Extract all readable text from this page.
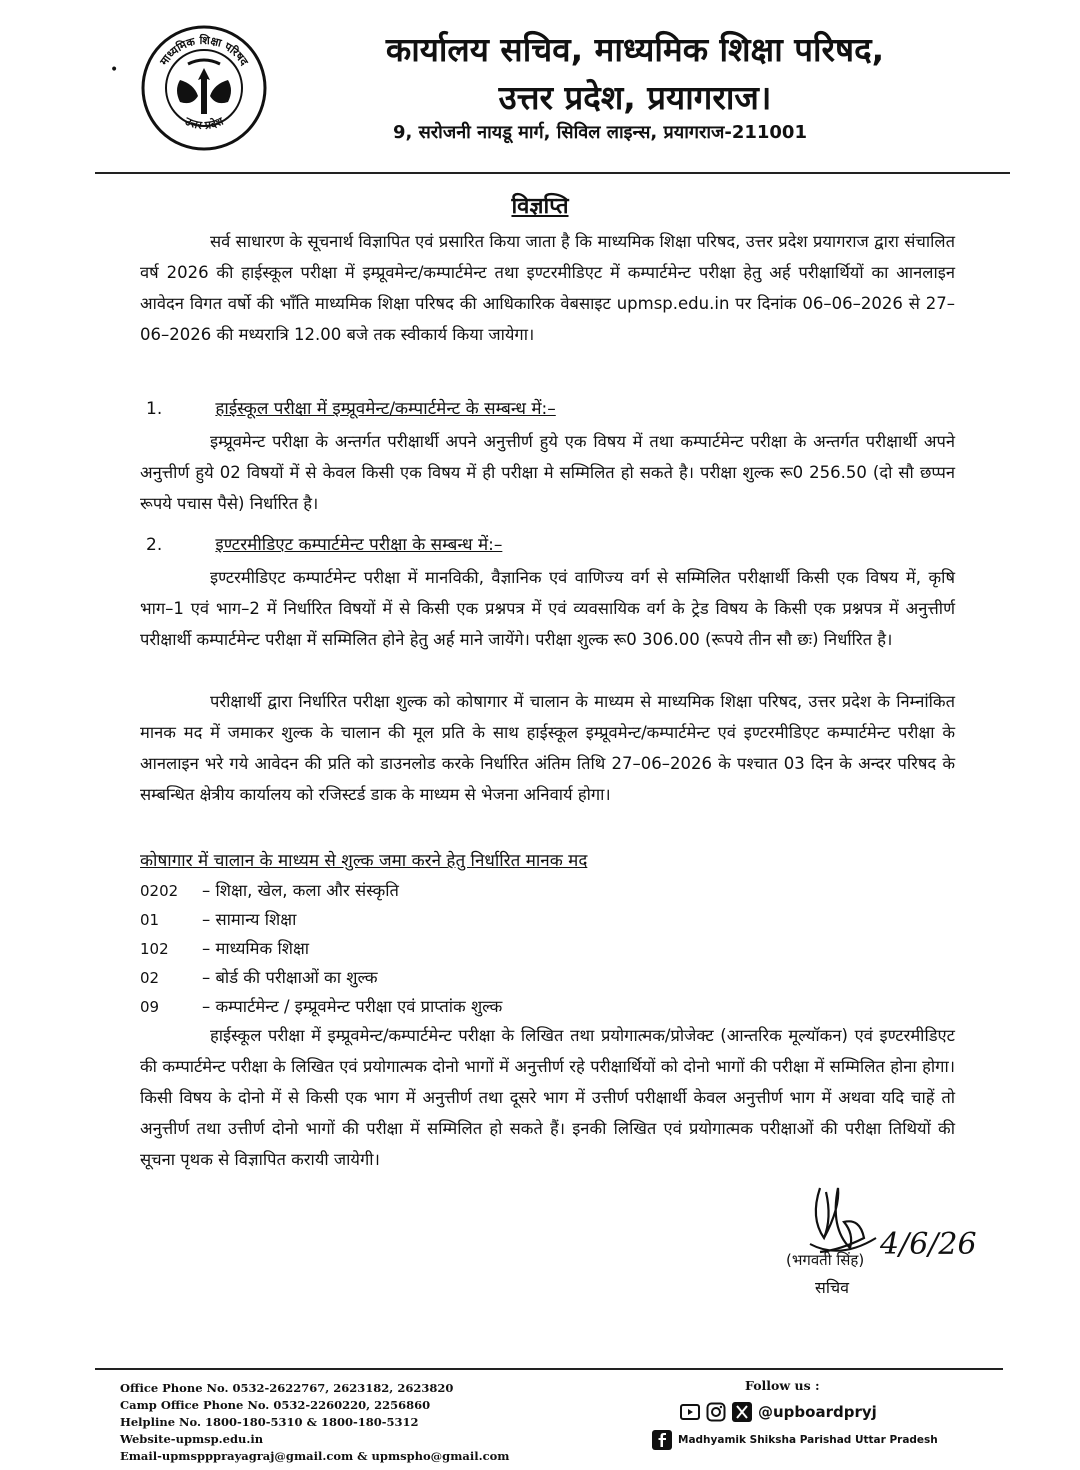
•
माध्यमिक शिक्षा परिषद
उत्तर प्रदेश
कार्यालय सचिव, माध्यमिक शिक्षा परिषद,
उत्तर प्रदेश, प्रयागराज।
9, सरोजनी नायडू मार्ग, सिविल लाइन्स, प्रयागराज-211001
विज्ञप्ति
सर्व साधारण के सूचनार्थ विज्ञापित एवं प्रसारित किया जाता है कि माध्यमिक शिक्षा परिषद, उत्तर प्रदेश प्रयागराज द्वारा संचालित वर्ष 2026 की हाईस्कूल परीक्षा में इम्प्रूवमेन्ट/कम्पार्टमेन्ट तथा इण्टरमीडिएट में कम्पार्टमेन्ट परीक्षा हेतु अर्ह परीक्षार्थियों का आनलाइन आवेदन विगत वर्षो की भाँति माध्यमिक शिक्षा परिषद की आधिकारिक वेबसाइट upmsp.edu.in पर दिनांक 06–06–2026 से 27–06–2026 की मध्यरात्रि 12.00 बजे तक स्वीकार्य किया जायेगा।
1.	हाईस्कूल परीक्षा में इम्प्रूवमेन्ट/कम्पार्टमेन्ट के सम्बन्ध में:–
इम्प्रूवमेन्ट परीक्षा के अन्तर्गत परीक्षार्थी अपने अनुत्तीर्ण हुये एक विषय में तथा कम्पार्टमेन्ट परीक्षा के अन्तर्गत परीक्षार्थी अपने अनुत्तीर्ण हुये 02 विषयों में से केवल किसी एक विषय में ही परीक्षा मे सम्मिलित हो सकते है। परीक्षा शुल्क रू0 256.50 (दो सौ छप्पन रूपये पचास पैसे) निर्धारित है।
2.	इण्टरमीडिएट कम्पार्टमेन्ट परीक्षा के सम्बन्ध में:–
इण्टरमीडिएट कम्पार्टमेन्ट परीक्षा में मानविकी, वैज्ञानिक एवं वाणिज्य वर्ग से सम्मिलित परीक्षार्थी किसी एक विषय में, कृषि भाग–1 एवं भाग–2 में निर्धारित विषयों में से किसी एक प्रश्नपत्र में एवं व्यवसायिक वर्ग के ट्रेड विषय के किसी एक प्रश्नपत्र में अनुत्तीर्ण परीक्षार्थी कम्पार्टमेन्ट परीक्षा में सम्मिलित होने हेतु अर्ह माने जायेंगे। परीक्षा शुल्क रू0 306.00 (रूपये तीन सौ छः) निर्धारित है।
परीक्षार्थी द्वारा निर्धारित परीक्षा शुल्क को कोषागार में चालान के माध्यम से माध्यमिक शिक्षा परिषद, उत्तर प्रदेश के निम्नांकित मानक मद में जमाकर शुल्क के चालान की मूल प्रति के साथ हाईस्कूल इम्प्रूवमेन्ट/कम्पार्टमेन्ट एवं इण्टरमीडिएट कम्पार्टमेन्ट परीक्षा के आनलाइन भरे गये आवेदन की प्रति को डाउनलोड करके निर्धारित अंतिम तिथि 27–06–2026 के पश्चात 03 दिन के अन्दर परिषद के सम्बन्धित क्षेत्रीय कार्यालय को रजिस्टर्ड डाक के माध्यम से भेजना अनिवार्य होगा।
कोषागार में चालान के माध्यम से शुल्क जमा करने हेतु निर्धारित मानक मद
0202 – शिक्षा, खेल, कला और संस्कृति
01	– सामान्य शिक्षा
102 – माध्यमिक शिक्षा
02	– बोर्ड की परीक्षाओं का शुल्क
09	– कम्पार्टमेन्ट / इम्प्रूवमेन्ट परीक्षा एवं प्राप्तांक शुल्क
हाईस्कूल परीक्षा में इम्प्रूवमेन्ट/कम्पार्टमेन्ट परीक्षा के लिखित तथा प्रयोगात्मक/प्रोजेक्ट (आन्तरिक मूल्यॉकन) एवं इण्टरमीडिएट की कम्पार्टमेन्ट परीक्षा के लिखित एवं प्रयोगात्मक दोनो भागों में अनुत्तीर्ण रहे परीक्षार्थियों को दोनो भागों की परीक्षा में सम्मिलित होना होगा। किसी विषय के दोनो में से किसी एक भाग में अनुत्तीर्ण तथा दूसरे भाग में उत्तीर्ण परीक्षार्थी केवल अनुत्तीर्ण भाग में अथवा यदि चाहें तो अनुत्तीर्ण तथा उत्तीर्ण दोनो भागों की परीक्षा में सम्मिलित हो सकते हैं। इनकी लिखित एवं प्रयोगात्मक परीक्षाओं की परीक्षा तिथियों की सूचना पृथक से विज्ञापित करायी जायेगी।
4/6/26
(भगवती सिंह)
सचिव
Office Phone No. 0532-2622767, 2623182, 2623820
Camp Office Phone No. 0532-2260220, 2256860
Helpline No. 1800-180-5310 & 1800-180-5312
Website-upmsp.edu.in
Email-upmsppprayagraj@gmail.com & upmspho@gmail.com
Follow us :
@upboardpryj
Madhyamik Shiksha Parishad Uttar Pradesh
